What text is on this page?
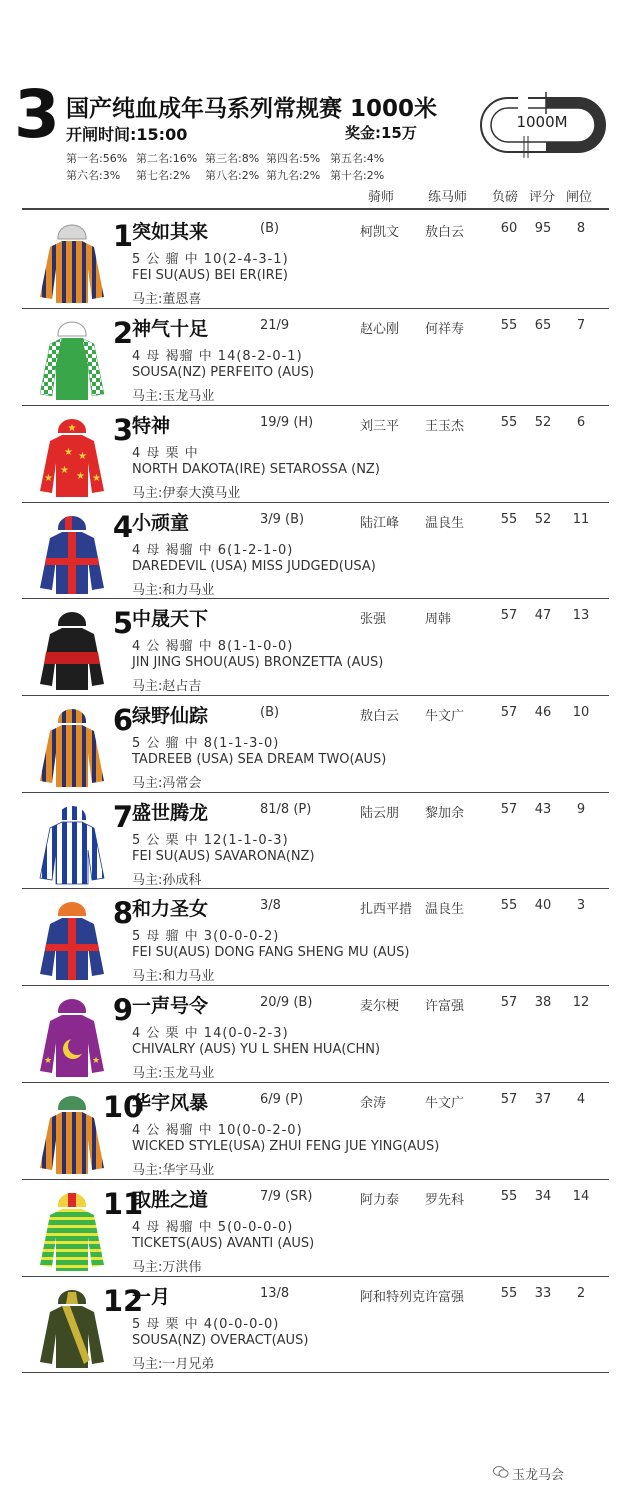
3 国产纯血成年马系列常规赛 1000米
开闸时间:15:00	奖金:15万
第一名:56% 第二名:16% 第三名:8% 第四名:5% 第五名:4%
第六名:3% 第七名:2% 第八名:2% 第九名:2% 第十名:2%
1000M
骑师	练马师 负磅 评分 闸位
1
突如其来	(B)	柯凯文 敖白云	60 95	8
5 公 骝 中 10(2-4-3-1)
FEI SU(AUS) BEI ER(IRE)
马主:董恩喜
2
神气十足	21/9	赵心刚 何祥寿	55 65	7
4 母 褐骝 中 14(8-2-0-1)
SOUSA(NZ) PERFEITO (AUS)
马主:玉龙马业
★
★ ★
★
★
★	★
3
特神	19/9 (H)	刘三平 王玉杰	55 52	6
4 母 栗 中
NORTH DAKOTA(IRE) SETAROSSA (NZ)
马主:伊泰大漠马业
4
小顽童	3/9 (B)	陆江峰 温良生	55 52 11
4 母 褐骝 中 6(1-2-1-0)
DAREDEVIL (USA) MISS JUDGED(USA)
马主:和力马业
5
中晟天下	张强	周韩	57 47 13
4 公 褐骝 中 8(1-1-0-0)
JIN JING SHOU(AUS) BRONZETTA (AUS)
马主:赵占吉
6
绿野仙踪	(B)	敖白云 牛文广	57 46 10
5 公 骝 中 8(1-1-3-0)
TADREEB (USA) SEA DREAM TWO(AUS)
马主:冯常会
7
盛世腾龙	81/8 (P)	陆云朋 黎加余	57 43	9
5 公 栗 中 12(1-1-0-3)
FEI SU(AUS) SAVARONA(NZ)
马主:孙成科
8
和力圣女	3/8	扎西平措 温良生	55 40	3
5 母 骝 中 3(0-0-0-2)
FEI SU(AUS) DONG FANG SHENG MU (AUS)
马主:和力马业
★	★
9
一声号令	20/9 (B)	麦尔梗 许富强	57 38 12
4 公 栗 中 14(0-0-2-3)
CHIVALRY (AUS) YU L SHEN HUA(CHN)
马主:玉龙马业
10
华宇风暴	6/9 (P)	余涛	牛文广	57 37	4
4 公 褐骝 中 10(0-0-2-0)
WICKED STYLE(USA) ZHUI FENG JUE YING(AUS)
马主:华宇马业
11
取胜之道	7/9 (SR)	阿力泰 罗先科	55 34 14
4 母 褐骝 中 5(0-0-0-0)
TICKETS(AUS) AVANTI (AUS)
马主:万洪伟
12
一月	13/8	阿和特列克 许富强	55 33	2
5 母 栗 中 4(0-0-0-0)
SOUSA(NZ) OVERACT(AUS)
马主:一月兄弟
玉龙马会
